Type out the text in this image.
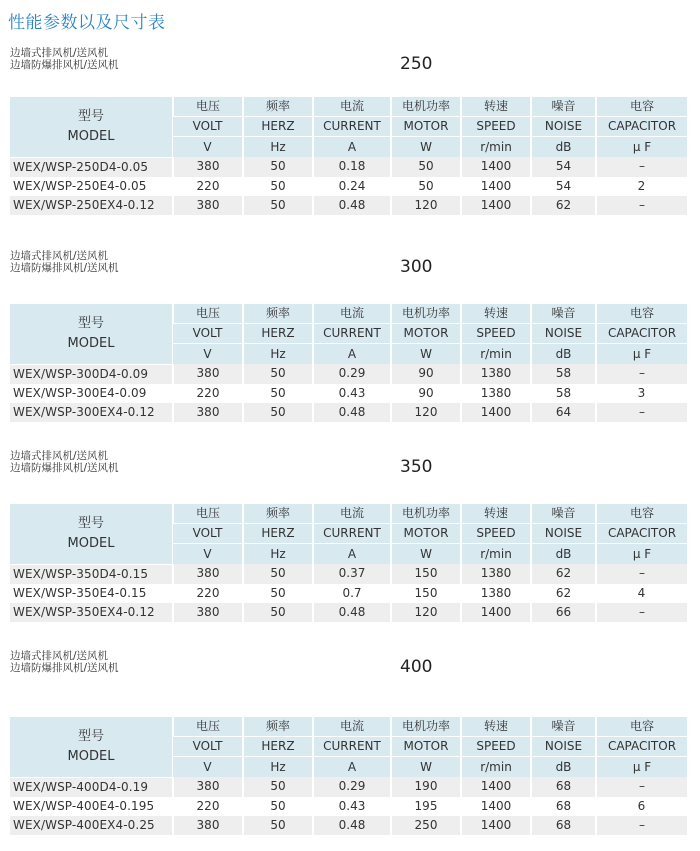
性能参数以及尺寸表
边墙式排风机/送风机
边墙防爆排风机/送风机	250
型号
MODEL	电压	频率	电流	电机功率	转速	噪音	电容
	VOLT	HERZ	CURRENT	MOTOR	SPEED	NOISE	CAPACITOR
	V	Hz	A	W	r/min	dB	μ F
WEX/WSP-250D4-0.05	380	50	0.18	50	1400	54	–
WEX/WSP-250E4-0.05	220	50	0.24	50	1400	54	2
WEX/WSP-250EX4-0.12	380	50	0.48	120	1400	62	–
边墙式排风机/送风机
边墙防爆排风机/送风机	300
型号
MODEL	电压	频率	电流	电机功率	转速	噪音	电容
	VOLT	HERZ	CURRENT	MOTOR	SPEED	NOISE	CAPACITOR
	V	Hz	A	W	r/min	dB	μ F
WEX/WSP-300D4-0.09	380	50	0.29	90	1380	58	–
WEX/WSP-300E4-0.09	220	50	0.43	90	1380	58	3
WEX/WSP-300EX4-0.12	380	50	0.48	120	1400	64	–
边墙式排风机/送风机
边墙防爆排风机/送风机	350
型号
MODEL	电压	频率	电流	电机功率	转速	噪音	电容
	VOLT	HERZ	CURRENT	MOTOR	SPEED	NOISE	CAPACITOR
	V	Hz	A	W	r/min	dB	μ F
WEX/WSP-350D4-0.15	380	50	0.37	150	1380	62	–
WEX/WSP-350E4-0.15	220	50	0.7	150	1380	62	4
WEX/WSP-350EX4-0.12	380	50	0.48	120	1400	66	–
边墙式排风机/送风机
边墙防爆排风机/送风机	400
型号
MODEL	电压	频率	电流	电机功率	转速	噪音	电容
	VOLT	HERZ	CURRENT	MOTOR	SPEED	NOISE	CAPACITOR
	V	Hz	A	W	r/min	dB	μ F
WEX/WSP-400D4-0.19	380	50	0.29	190	1400	68	–
WEX/WSP-400E4-0.195	220	50	0.43	195	1400	68	6
WEX/WSP-400EX4-0.25	380	50	0.48	250	1400	68	–
